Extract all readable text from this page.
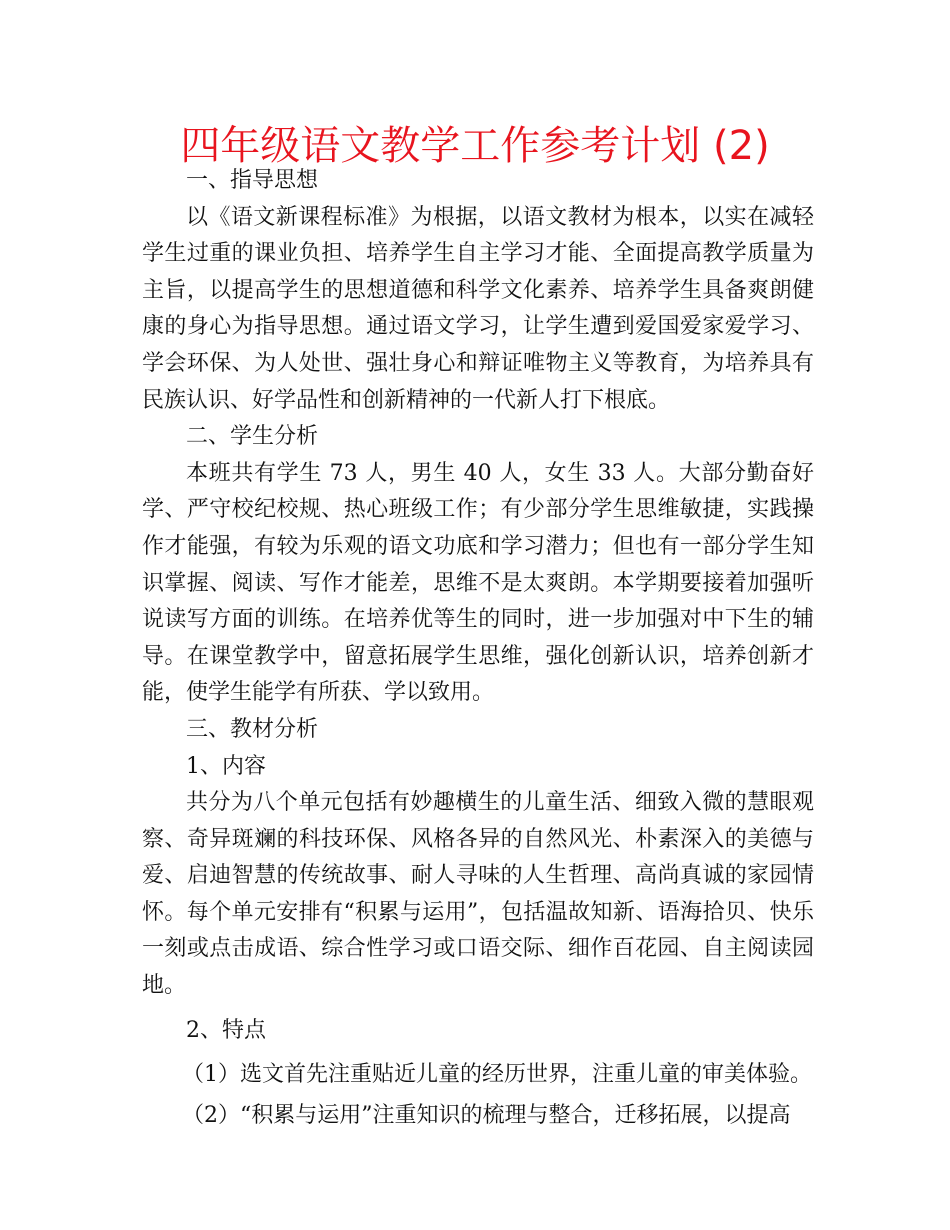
四年级语文教学工作参考计划 (2)

一、指导思想

以《语文新课程标准》为根据，以语文教材为根本，以实在减轻学生过重的课业负担、培养学生自主学习才能、全面提高教学质量为主旨，以提高学生的思想道德和科学文化素养、培养学生具备爽朗健康的身心为指导思想。通过语文学习，让学生遭到爱国爱家爱学习、学会环保、为人处世、强壮身心和辩证唯物主义等教育，为培养具有民族认识、好学品性和创新精神的一代新人打下根底。

二、学生分析

本班共有学生 73 人，男生 40 人，女生 33 人。大部分勤奋好学、严守校纪校规、热心班级工作；有少部分学生思维敏捷，实践操作才能强，有较为乐观的语文功底和学习潜力；但也有一部分学生知识掌握、阅读、写作才能差，思维不是太爽朗。本学期要接着加强听说读写方面的训练。在培养优等生的同时，进一步加强对中下生的辅导。在课堂教学中，留意拓展学生思维，强化创新认识，培养创新才能，使学生能学有所获、学以致用。

三、教材分析

1、内容

共分为八个单元包括有妙趣横生的儿童生活、细致入微的慧眼观察、奇异斑斓的科技环保、风格各异的自然风光、朴素深入的美德与爱、启迪智慧的传统故事、耐人寻味的人生哲理、高尚真诚的家园情怀。每个单元安排有“积累与运用”，包括温故知新、语海拾贝、快乐一刻或点击成语、综合性学习或口语交际、细作百花园、自主阅读园地。

2、特点

（1）选文首先注重贴近儿童的经历世界，注重儿童的审美体验。

（2）“积累与运用”注重知识的梳理与整合，迁移拓展，以提高
